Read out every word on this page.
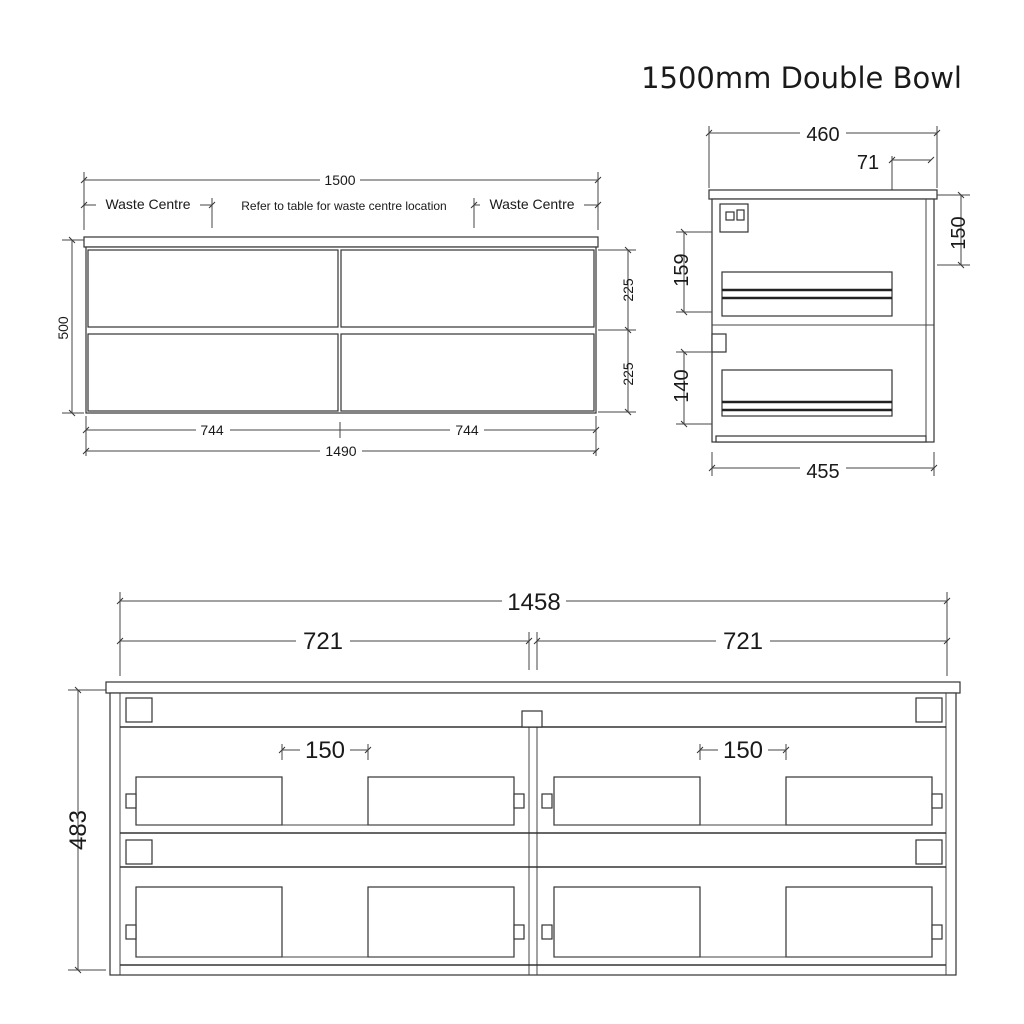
1500mm Double Bowl
1500
Waste Centre	Waste Centre
Refer to table for waste centre location
500
225
225
744	744
1490
460
71
150
159
140
455
1458
721	721
483
150	150
